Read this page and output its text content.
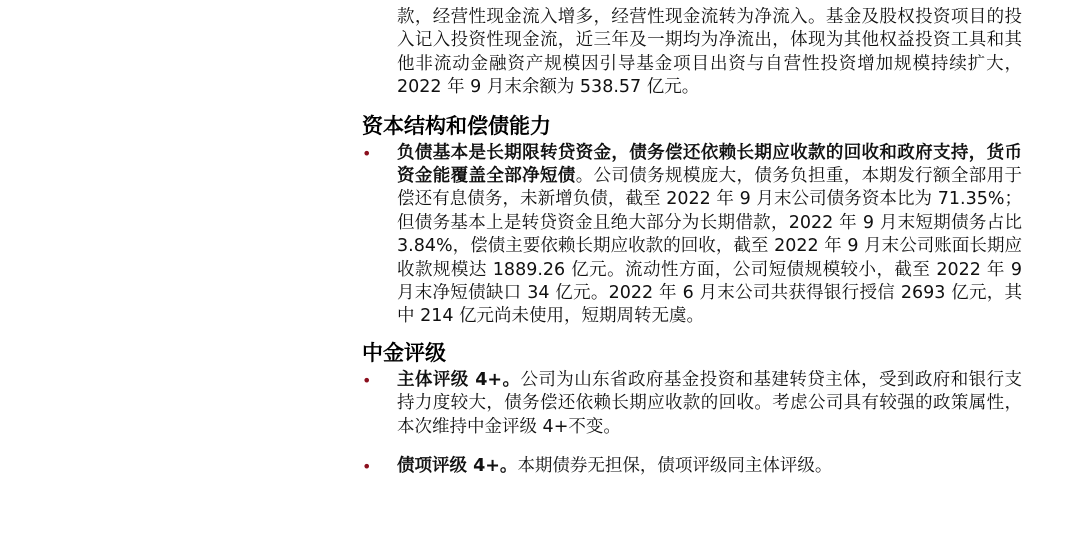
款，经营性现金流入增多，经营性现金流转为净流入。基金及股权投资项目的投入记入投资性现金流，近三年及一期均为净流出，体现为其他权益投资工具和其他非流动金融资产规模因引导基金项目出资与自营性投资增加规模持续扩大，2022 年 9 月末余额为 538.57 亿元。

资本结构和偿债能力
•	负债基本是长期限转贷资金，债务偿还依赖长期应收款的回收和政府支持，货币资金能覆盖全部净短债。公司债务规模庞大，债务负担重，本期发行额全部用于偿还有息债务，未新增负债，截至 2022 年 9 月末公司债务资本比为 71.35%；但债务基本上是转贷资金且绝大部分为长期借款，2022 年 9 月末短期债务占比 3.84%，偿债主要依赖长期应收款的回收，截至 2022 年 9 月末公司账面长期应收款规模达 1889.26 亿元。流动性方面，公司短债规模较小，截至 2022 年 9 月末净短债缺口 34 亿元。2022 年 6 月末公司共获得银行授信 2693 亿元，其中 214 亿元尚未使用，短期周转无虞。

中金评级
•	主体评级 4+。公司为山东省政府基金投资和基建转贷主体，受到政府和银行支持力度较大，债务偿还依赖长期应收款的回收。考虑公司具有较强的政策属性，本次维持中金评级 4+不变。

•	债项评级 4+。本期债券无担保，债项评级同主体评级。
